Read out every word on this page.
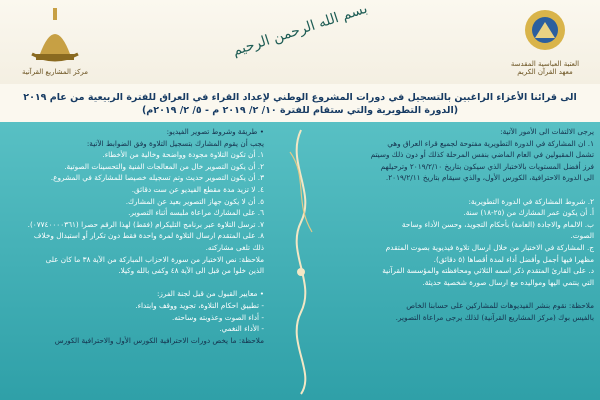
مركز المشاريع القرآنية
بسم الله الرحمن الرحيم
العتبة العباسية المقدسة
معهد القرآن الكريم
الى قرائنا الأعزاء الراغبين بالتسجيل في دورات المشروع الوطني لإعداد القراء في العراق للفترة الربيعية من عام ٢٠١٩
(الدورة التطويرية والتي ستقام للفترة ١٠/ ٢/ ٢٠١٩ م - ٥/ ٢/ ٢٠١٩م)

يرجى الالتفات الى الأمور الآتية:

١. ان المشاركة في الدورة التطويرية مفتوحة لجميع قراء العراق وهي

تشمل المقبولين في العام الماضي بنفس المرحلة كذلك أو دون ذلك وسيتم

فرز أفضل المستويات بالاختبار الذي سيكون بتاريخ ٢٠١٩/٢/١٠ وترحيلهم

الى الدورة الاحترافية، الكورس الأول، والذي سيقام بتاريخ ٢٠١٩/٢/١١.

٢. شروط المشاركة في الدورة التطويرية:

أ. أن يكون عمر المشارك من (٢٥-١٨) سنة.

ب. الالمام والاجادة (العامة) بأحكام التجويد، وحسن الأداء وساحة

الصوت.

ج. المشاركة في الاختبار من خلال ارسال تلاوة فيديوية بصوت المتقدم

مظهرا فيها أجمل وأفضل أداء لمدة أقصاها (٥ دقائق).

د. على القارئ المتقدم ذكر اسمه الثلاثي ومحافظته والمؤسسة القرآنية

التي ينتمي اليها ومواليده مع ارسال صورة شخصية حديثة.

ملاحظة: نقوم بنشر الفيديوهات للمشاركين على حسابنا الخاص

بالفيس بوك (مركز المشاريع القرآنية) لذلك يرجى مراعاة التصوير.

• طريقة وشروط تصوير الفيديو:

يجب أن يقوم المشارك بتسجيل التلاوة وفق الضوابط الآتية:

١. أن تكون التلاوة مجودة وواضحة وخالية من الأخطاء.

٢. أن يكون التصوير خال من المعالجات الفنية والتحسينات الصوتية.

٣. أن يكون التصوير حديث وتم تسجيله خصيصا للمشاركة في المشروع.

٤. لا تزيد مدة مقطع الفيديو عن ست دقائق.

٥. أن لا يكون جهاز التصوير بعيد عن المشارك.

٦. على المشارك مراعاة ملبسه أثناء التصوير.

٧. ترسل التلاوة عبر برنامج التليكرام (فقط) لهذا الرقم حصرا (٠٧٧٤٠٠٠٠٣٦١).

٨. على المتقدم ارسال التلاوة لمرة واحدة فقط دون تكرار أو استبدال وخلاف

ذلك تلغى مشاركته.

ملاحظة: نص الاختبار من سورة الاحزاب المباركة من الآية ٣٨ ما كان على

الذين خلوا من قبل الى الآية ٤٨ وكفى بالله وكيلا.

• معايير القبول من قبل لجنة الفرز:

- تطبيق احكام التلاوة، تجويد ووقف وابتداء.

- أداء الصوت وعذوبته وساحته.

- الأداء النغمي.

ملاحظة: ما يخص دورات الاحترافية الكورس الأول والاحترافية الكورس
